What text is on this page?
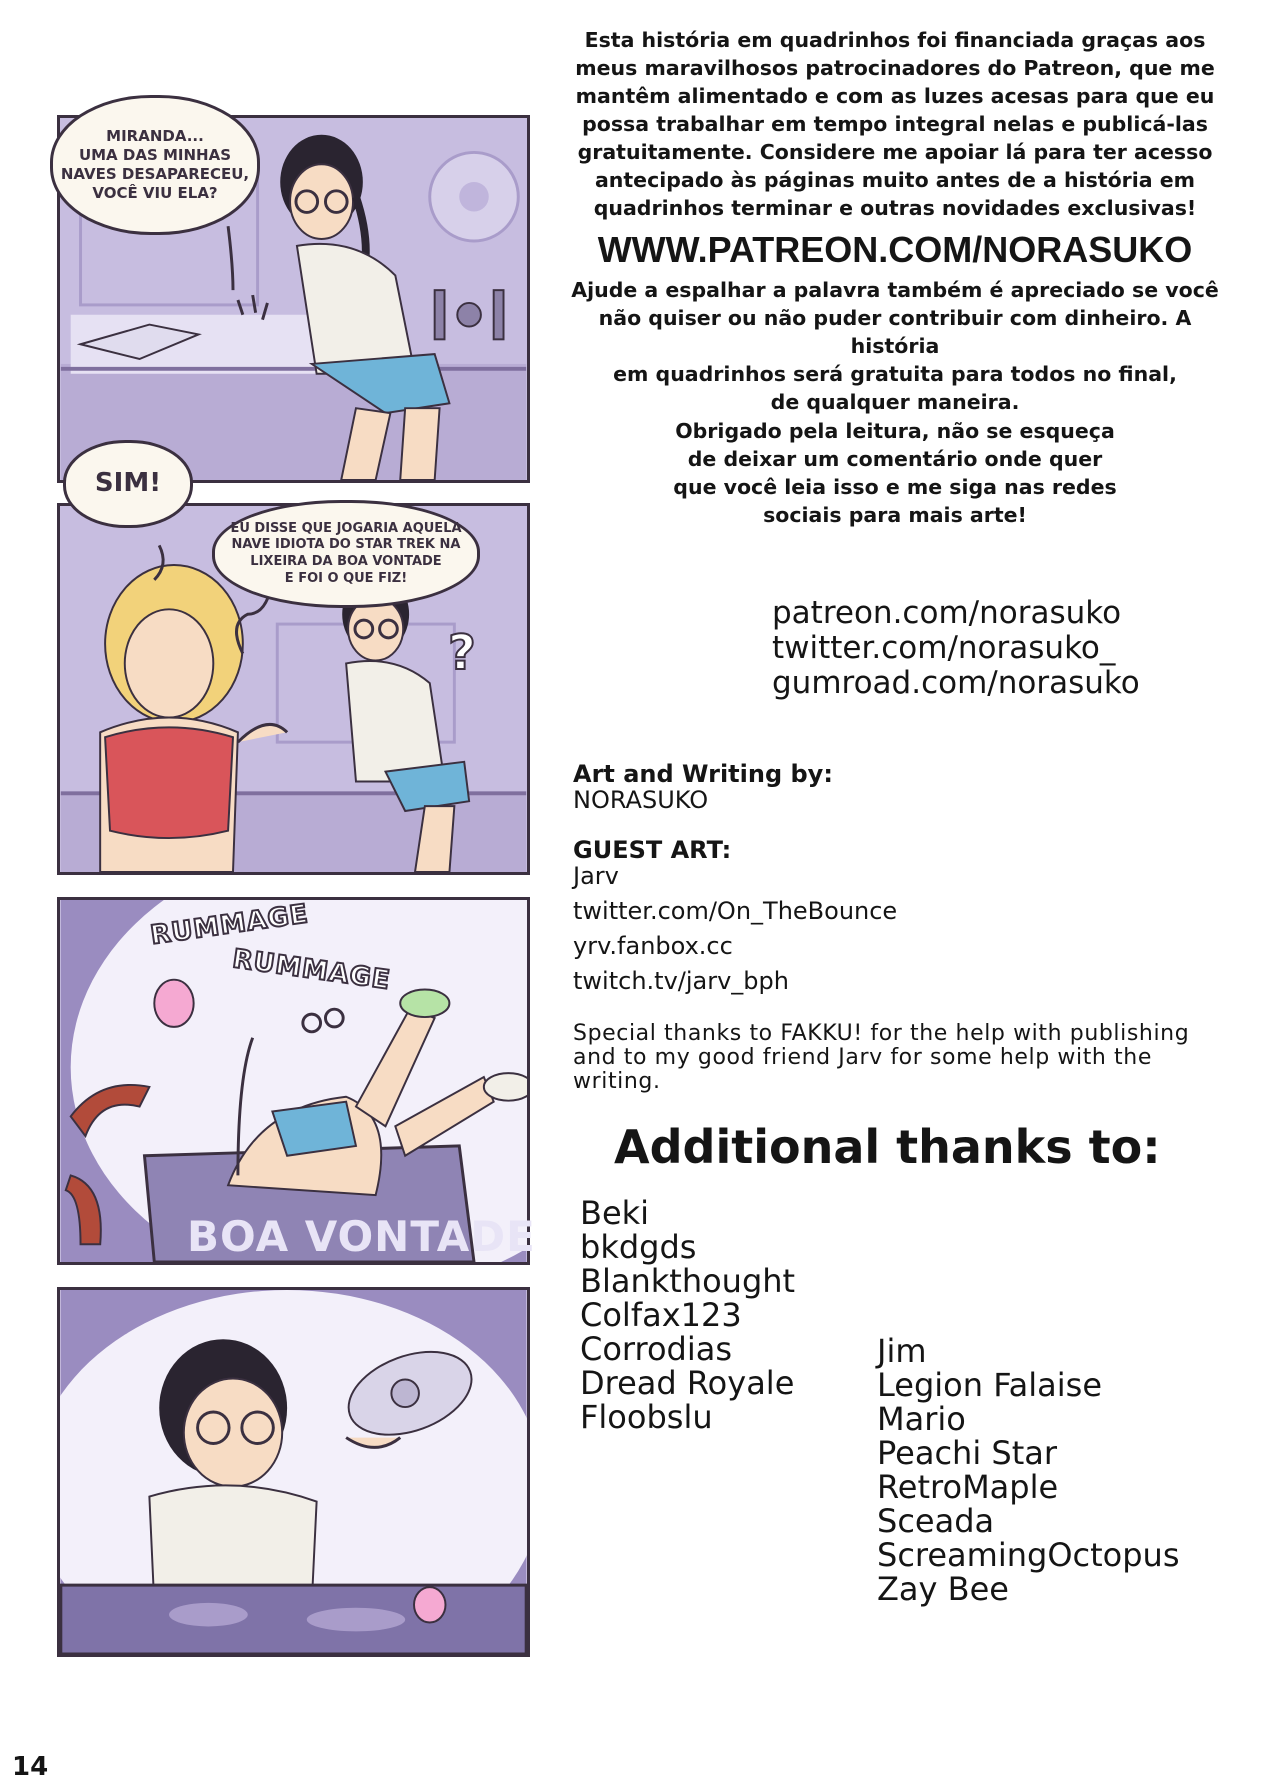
MIRANDA...
UMA DAS MINHAS
NAVES DESAPARECEU,
VOCÊ VIU ELA?
SIM!
EU DISSE QUE JOGARIA AQUELA
NAVE IDIOTA DO STAR TREK NA
LIXEIRA DA BOA VONTADE
E FOI O QUE FIZ!
?
RUMMAGE
RUMMAGE
BOA VONTADE
Esta história em quadrinhos foi financiada graças aos
meus maravilhosos patrocinadores do Patreon, que me
mantêm alimentado e com as luzes acesas para que eu
possa trabalhar em tempo integral nelas e publicá-las
gratuitamente. Considere me apoiar lá para ter acesso
antecipado às páginas muito antes de a história em
quadrinhos terminar e outras novidades exclusivas!
WWW.PATREON.COM/NORASUKO
Ajude a espalhar a palavra também é apreciado se você
não quiser ou não puder contribuir com dinheiro. A história
em quadrinhos será gratuita para todos no final,
de qualquer maneira.
Obrigado pela leitura, não se esqueça
de deixar um comentário onde quer
que você leia isso e me siga nas redes
sociais para mais arte!
patreon.com/norasuko
twitter.com/norasuko_
gumroad.com/norasuko
Art and Writing by:
NORASUKO
GUEST ART:
Jarv
twitter.com/On_TheBounce
yrv.fanbox.cc
twitch.tv/jarv_bph
Special thanks to FAKKU! for the help with publishing and to my good friend Jarv for some help with the writing.
Additional thanks to:
Beki
bkdgds
Blankthought
Colfax123
Corrodias
Dread Royale
Floobslu
Jim
Legion Falaise
Mario
Peachi Star
RetroMaple
Sceada
ScreamingOctopus
Zay Bee
14
